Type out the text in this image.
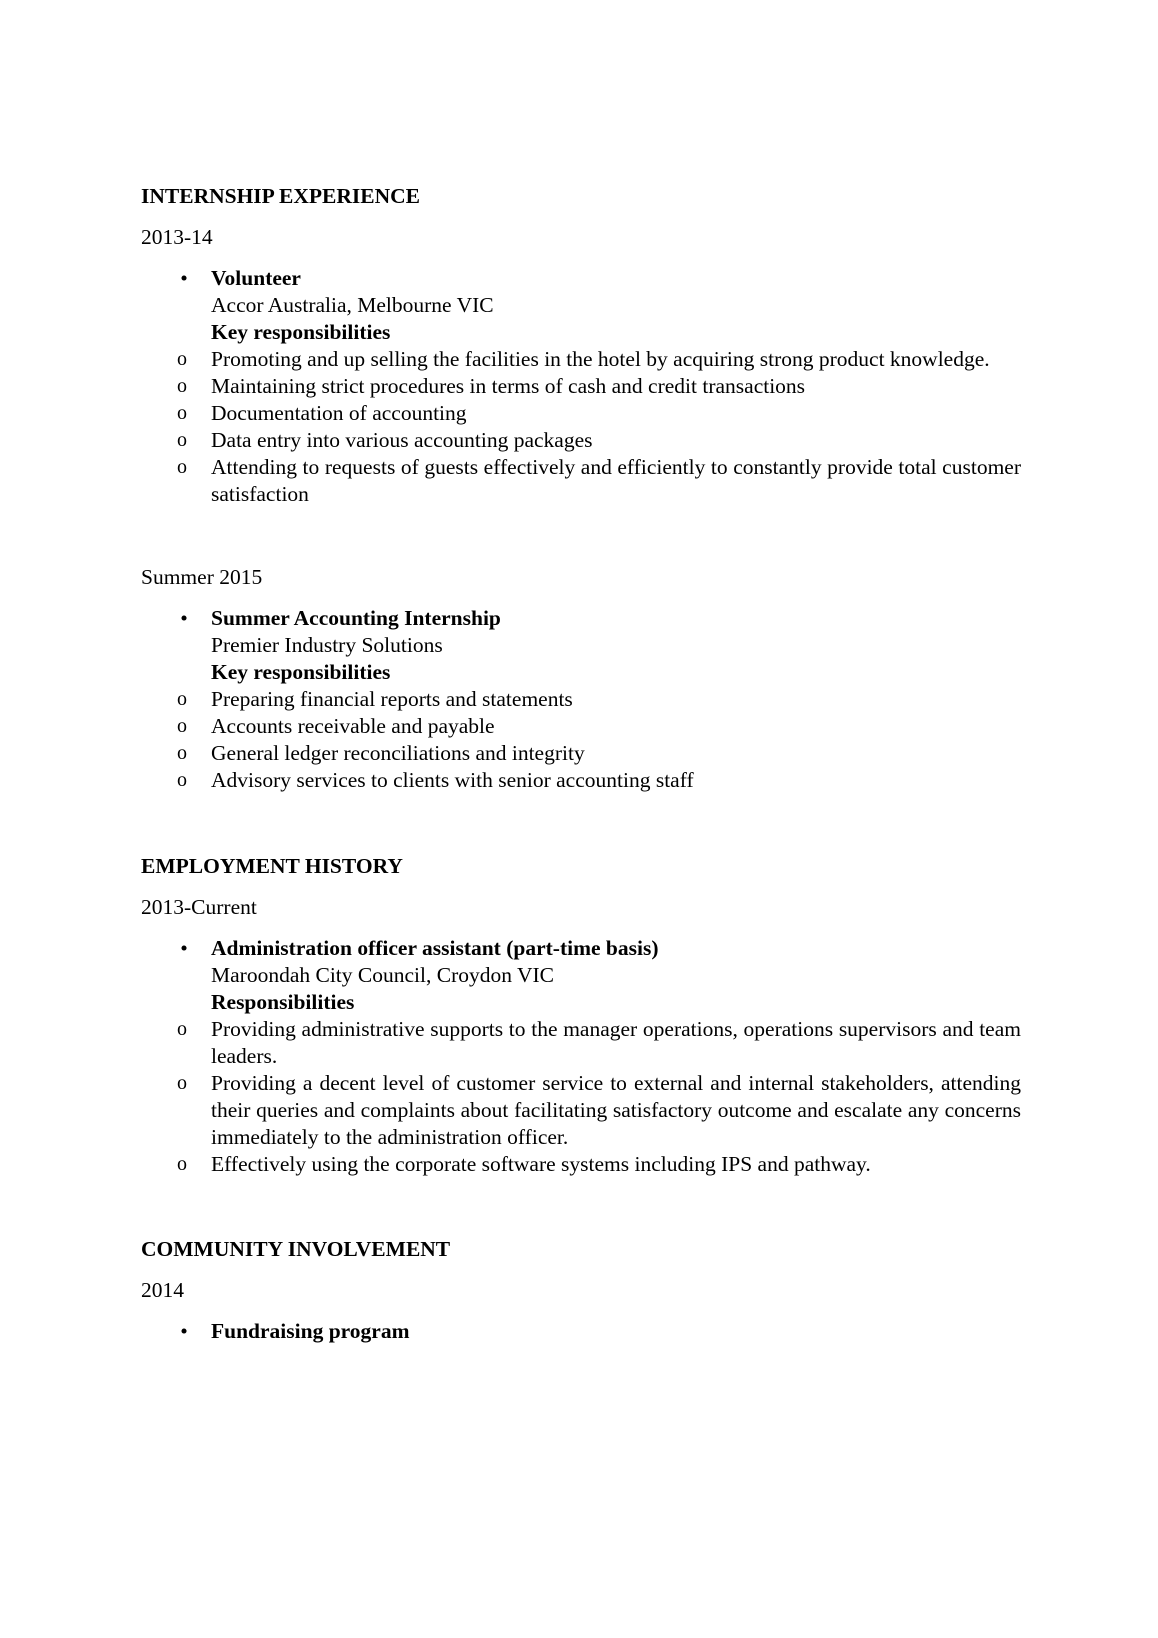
INTERNSHIP EXPERIENCE
2013-14
• Volunteer
Accor Australia, Melbourne VIC
Key responsibilities
o Promoting and up selling the facilities in the hotel by acquiring strong product knowledge.
o Maintaining strict procedures in terms of cash and credit transactions
o Documentation of accounting
o Data entry into various accounting packages
o Attending to requests of guests effectively and efficiently to constantly provide total customer satisfaction
Summer 2015
• Summer Accounting Internship
Premier Industry Solutions
Key responsibilities
o Preparing financial reports and statements
o Accounts receivable and payable
o General ledger reconciliations and integrity
o Advisory services to clients with senior accounting staff
EMPLOYMENT HISTORY
2013-Current
• Administration officer assistant (part-time basis)
Maroondah City Council, Croydon VIC
Responsibilities
o Providing administrative supports to the manager operations, operations supervisors and team leaders.
o Providing a decent level of customer service to external and internal stakeholders, attending their queries and complaints about facilitating satisfactory outcome and escalate any concerns immediately to the administration officer.
o Effectively using the corporate software systems including IPS and pathway.
COMMUNITY INVOLVEMENT
2014
• Fundraising program
